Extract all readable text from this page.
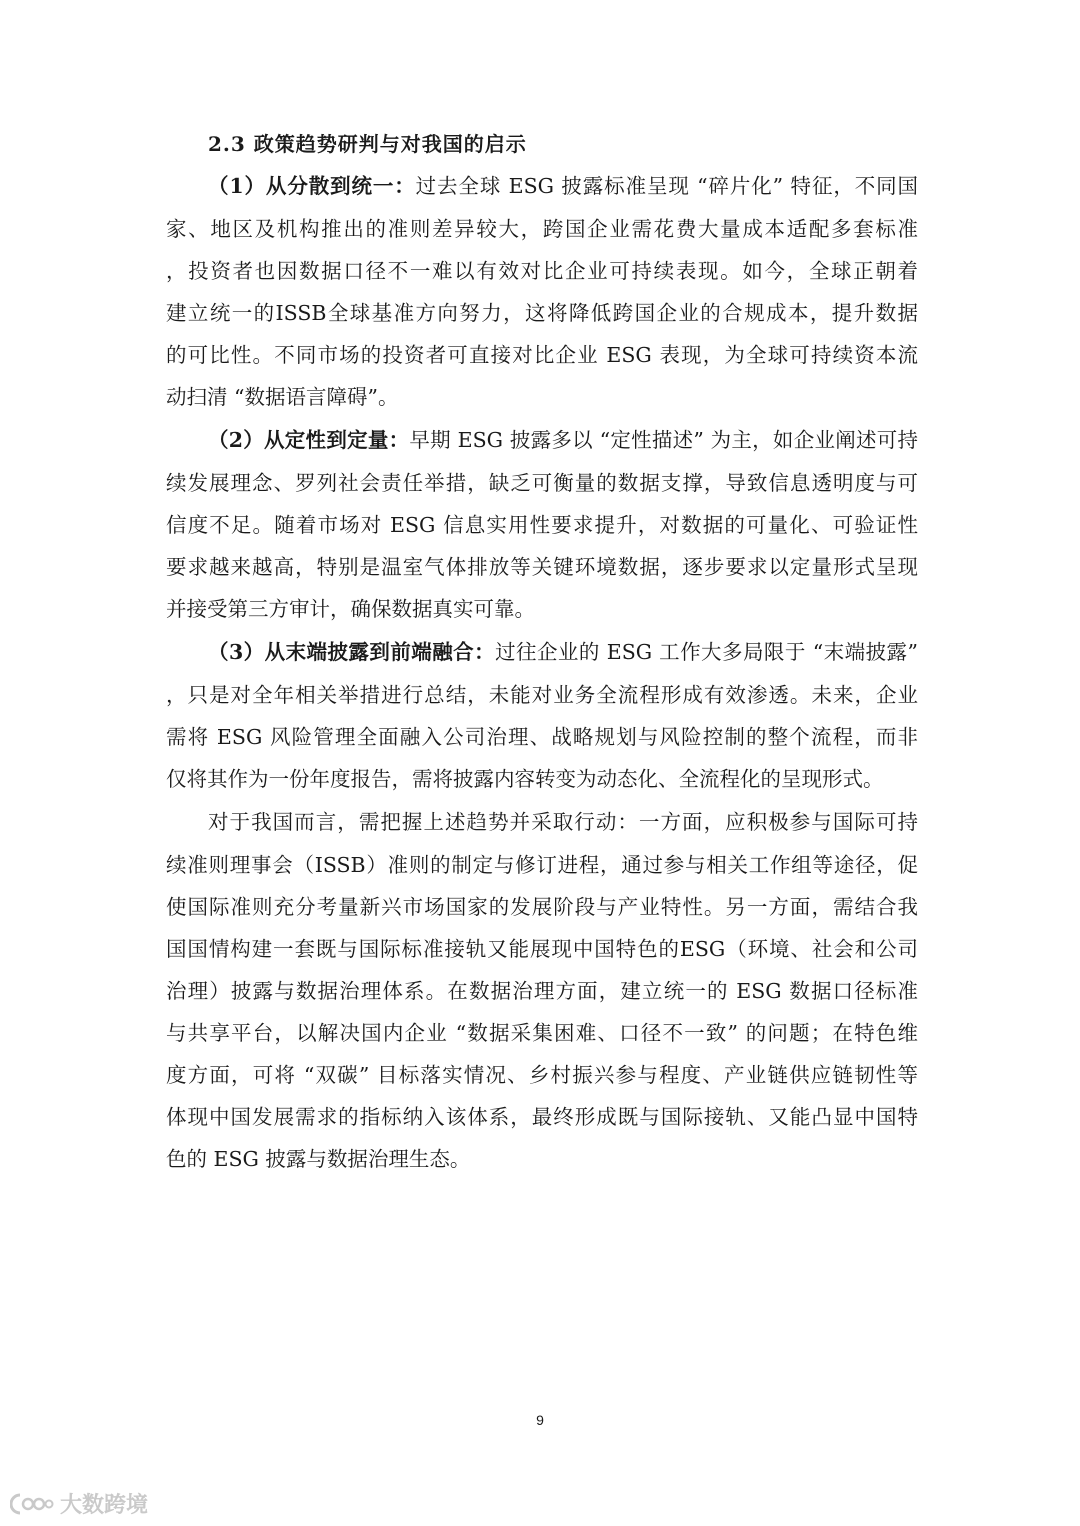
2.3 政策趋势研判与对我国的启示
（1）从分散到统一：过去全球 ESG 披露标准呈现 “碎片化” 特征，不同国
家、地区及机构推出的准则差异较大，跨国企业需花费大量成本适配多套标准
，投资者也因数据口径不一难以有效对比企业可持续表现。如今，全球正朝着
建立统一的ISSB全球基准方向努力，这将降低跨国企业的合规成本，提升数据
的可比性。不同市场的投资者可直接对比企业 ESG 表现，为全球可持续资本流
动扫清 “数据语言障碍”。
（2）从定性到定量：早期 ESG 披露多以 “定性描述” 为主，如企业阐述可持
续发展理念、罗列社会责任举措，缺乏可衡量的数据支撑，导致信息透明度与可
信度不足。随着市场对 ESG 信息实用性要求提升，对数据的可量化、可验证性
要求越来越高，特别是温室气体排放等关键环境数据，逐步要求以定量形式呈现
并接受第三方审计，确保数据真实可靠。
（3）从末端披露到前端融合：过往企业的 ESG 工作大多局限于 “末端披露”
，只是对全年相关举措进行总结，未能对业务全流程形成有效渗透。未来，企业
需将 ESG 风险管理全面融入公司治理、战略规划与风险控制的整个流程，而非
仅将其作为一份年度报告，需将披露内容转变为动态化、全流程化的呈现形式。
对于我国而言，需把握上述趋势并采取行动：一方面，应积极参与国际可持
续准则理事会（ISSB）准则的制定与修订进程，通过参与相关工作组等途径，促
使国际准则充分考量新兴市场国家的发展阶段与产业特性。另一方面，需结合我
国国情构建一套既与国际标准接轨又能展现中国特色的ESG（环境、社会和公司
治理）披露与数据治理体系。在数据治理方面，建立统一的 ESG 数据口径标准
与共享平台，以解决国内企业 “数据采集困难、口径不一致” 的问题；在特色维
度方面，可将 “双碳” 目标落实情况、乡村振兴参与程度、产业链供应链韧性等
体现中国发展需求的指标纳入该体系，最终形成既与国际接轨、又能凸显中国特
色的 ESG 披露与数据治理生态。
9
大数跨境
